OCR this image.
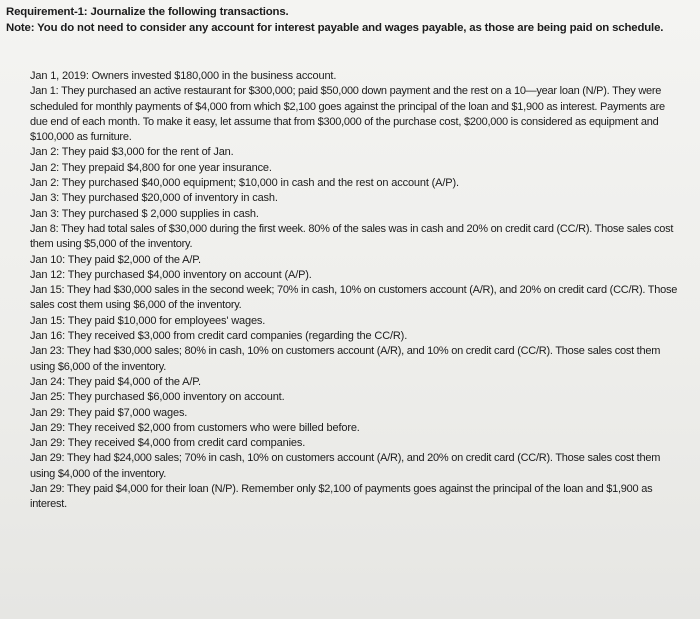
Requirement-1: Journalize the following transactions.

Note: You do not need to consider any account for interest payable and wages payable, as those are being paid on schedule.

Jan 1, 2019: Owners invested $180,000 in the business account.

Jan 1: They purchased an active restaurant for $300,000; paid $50,000 down payment and the rest on a 10—year loan (N/P). They were scheduled for monthly payments of $4,000 from which $2,100 goes against the principal of the loan and $1,900 as interest. Payments are due end of each month. To make it easy, let assume that from $300,000 of the purchase cost, $200,000 is considered as equipment and $100,000 as furniture.

Jan 2: They paid $3,000 for the rent of Jan.

Jan 2: They prepaid $4,800 for one year insurance.

Jan 2: They purchased $40,000 equipment; $10,000 in cash and the rest on account (A/P).

Jan 3: They purchased $20,000 of inventory in cash.

Jan 3: They purchased $ 2,000 supplies in cash.

Jan 8: They had total sales of $30,000 during the first week. 80% of the sales was in cash and 20% on credit card (CC/R). Those sales cost them using $5,000 of the inventory.

Jan 10: They paid $2,000 of the A/P.

Jan 12: They purchased $4,000 inventory on account (A/P).

Jan 15: They had $30,000 sales in the second week; 70% in cash, 10% on customers account (A/R), and 20% on credit card (CC/R). Those sales cost them using $6,000 of the inventory.

Jan 15: They paid $10,000 for employees' wages.

Jan 16: They received $3,000 from credit card companies (regarding the CC/R).

Jan 23: They had $30,000 sales; 80% in cash, 10% on customers account (A/R), and 10% on credit card (CC/R). Those sales cost them using $6,000 of the inventory.

Jan 24: They paid $4,000 of the A/P.

Jan 25: They purchased $6,000 inventory on account.

Jan 29: They paid $7,000 wages.

Jan 29: They received $2,000 from customers who were billed before.

Jan 29: They received $4,000 from credit card companies.

Jan 29: They had $24,000 sales; 70% in cash, 10% on customers account (A/R), and 20% on credit card (CC/R). Those sales cost them using $4,000 of the inventory.

Jan 29: They paid $4,000 for their loan (N/P). Remember only $2,100 of payments goes against the principal of the loan and $1,900 as interest.
